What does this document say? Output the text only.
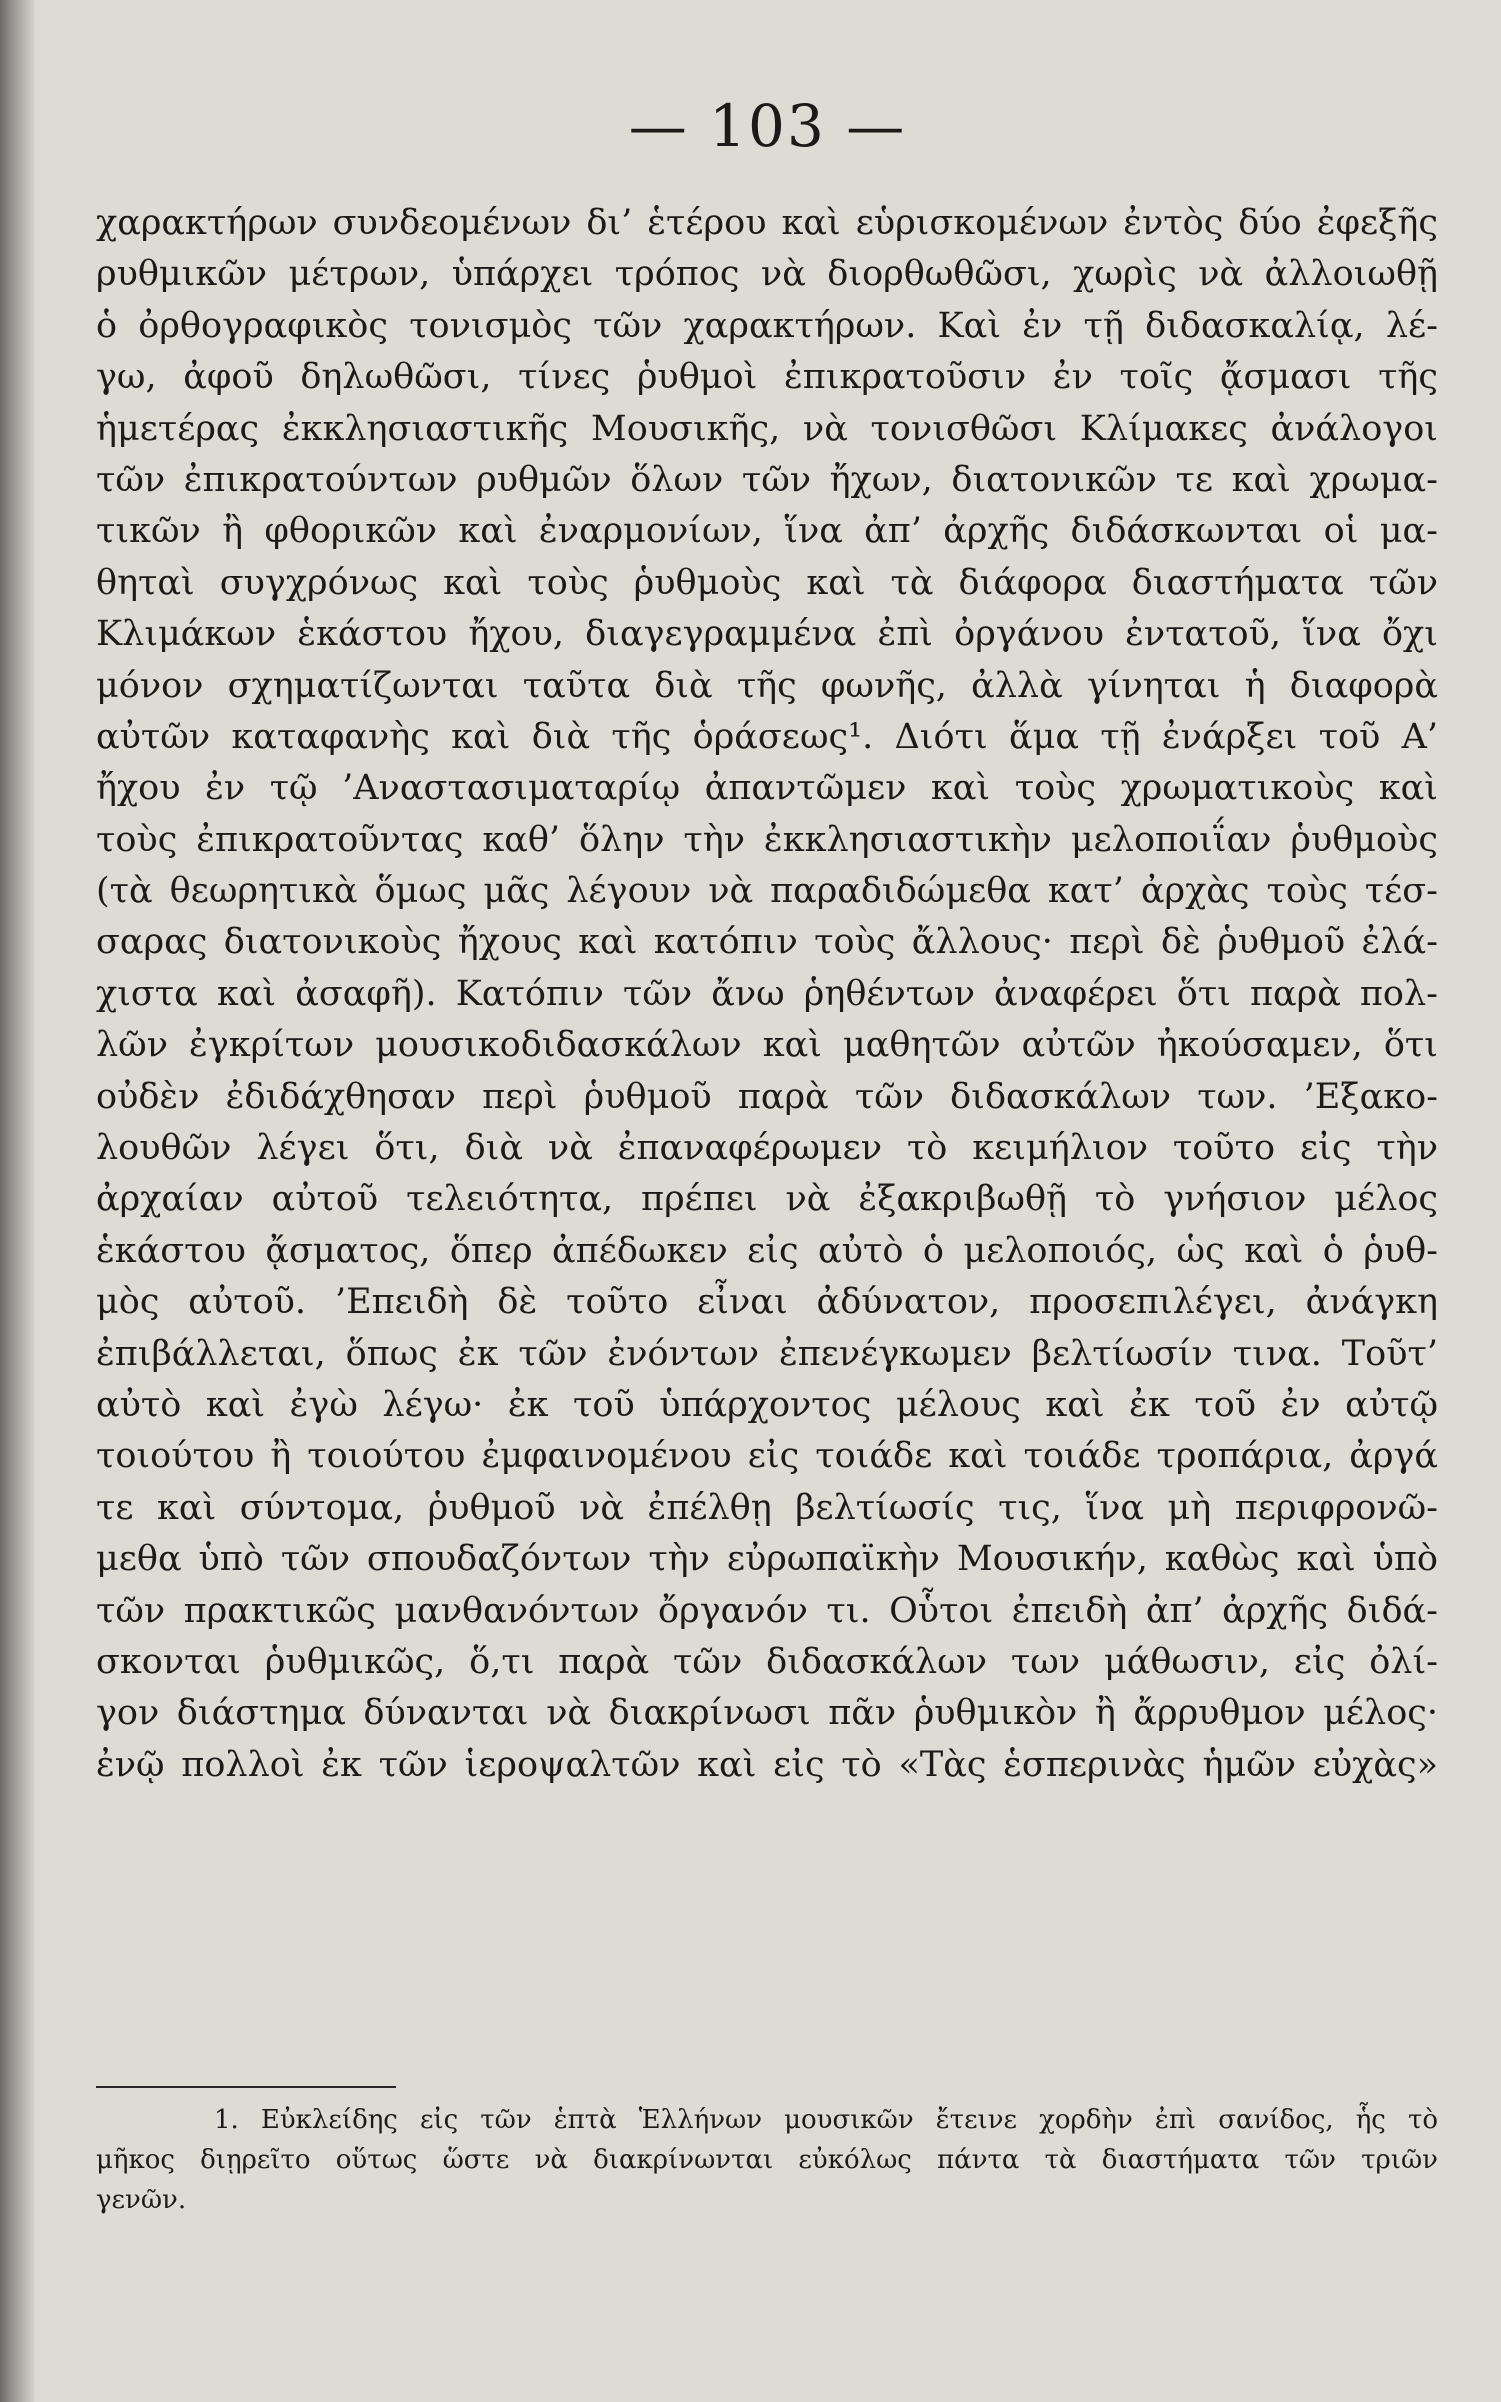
— 103 —
χαρακτήρων συνδεομένων δι’ ἑτέρου καὶ εὑρισκομένων ἐντὸς δύο ἐφεξῆς
ρυθμικῶν μέτρων, ὑπάρχει τρόπος νὰ διορθωθῶσι, χωρὶς νὰ ἀλλοιωθῇ
ὁ ὀρθογραφικὸς τονισμὸς τῶν χαρακτήρων. Καὶ ἐν τῇ διδασκαλίᾳ, λέ-
γω, ἀφοῦ δηλωθῶσι, τίνες ῥυθμοὶ ἐπικρατοῦσιν ἐν τοῖς ᾄσμασι τῆς
ἡμετέρας ἐκκλησιαστικῆς Μουσικῆς, νὰ τονισθῶσι Κλίμακες ἀνάλογοι
τῶν ἐπικρατούντων ρυθμῶν ὅλων τῶν ἤχων, διατονικῶν τε καὶ χρωμα-
τικῶν ἢ φθορικῶν καὶ ἐναρμονίων, ἵνα ἀπ’ ἀρχῆς διδάσκωνται οἱ μα-
θηταὶ συγχρόνως καὶ τοὺς ῥυθμοὺς καὶ τὰ διάφορα διαστήματα τῶν
Κλιμάκων ἑκάστου ἤχου, διαγεγραμμένα ἐπὶ ὀργάνου ἐντατοῦ, ἵνα ὄχι
μόνον σχηματίζωνται ταῦτα διὰ τῆς φωνῆς, ἀλλὰ γίνηται ἡ διαφορὰ
αὐτῶν καταφανὴς καὶ διὰ τῆς ὁράσεως¹. Διότι ἅμα τῇ ἐνάρξει τοῦ Α’
ἤχου ἐν τῷ ’Αναστασιματαρίῳ ἀπαντῶμεν καὶ τοὺς χρωματικοὺς καὶ
τοὺς ἐπικρατοῦντας καθ’ ὅλην τὴν ἐκκλησιαστικὴν μελοποιΐαν ῥυθμοὺς
(τὰ θεωρητικὰ ὅμως μᾶς λέγουν νὰ παραδιδώμεθα κατ’ ἀρχὰς τοὺς τέσ-
σαρας διατονικοὺς ἤχους καὶ κατόπιν τοὺς ἄλλους· περὶ δὲ ῥυθμοῦ ἐλά-
χιστα καὶ ἀσαφῆ). Κατόπιν τῶν ἄνω ῥηθέντων ἀναφέρει ὅτι παρὰ πολ-
λῶν ἐγκρίτων μουσικοδιδασκάλων καὶ μαθητῶν αὐτῶν ἠκούσαμεν, ὅτι
οὐδὲν ἐδιδάχθησαν περὶ ῥυθμοῦ παρὰ τῶν διδασκάλων των. ’Εξακο-
λουθῶν λέγει ὅτι, διὰ νὰ ἐπαναφέρωμεν τὸ κειμήλιον τοῦτο εἰς τὴν
ἀρχαίαν αὐτοῦ τελειότητα, πρέπει νὰ ἐξακριβωθῇ τὸ γνήσιον μέλος
ἑκάστου ᾄσματος, ὅπερ ἀπέδωκεν εἰς αὐτὸ ὁ μελοποιός, ὡς καὶ ὁ ῥυθ-
μὸς αὐτοῦ. ’Επειδὴ δὲ τοῦτο εἶναι ἀδύνατον, προσεπιλέγει, ἀνάγκη
ἐπιβάλλεται, ὅπως ἐκ τῶν ἐνόντων ἐπενέγκωμεν βελτίωσίν τινα. Τοῦτ’
αὐτὸ καὶ ἐγὼ λέγω· ἐκ τοῦ ὑπάρχοντος μέλους καὶ ἐκ τοῦ ἐν αὐτῷ
τοιούτου ἢ τοιούτου ἐμφαινομένου εἰς τοιάδε καὶ τοιάδε τροπάρια, ἀργά
τε καὶ σύντομα, ῥυθμοῦ νὰ ἐπέλθῃ βελτίωσίς τις, ἵνα μὴ περιφρονῶ-
μεθα ὑπὸ τῶν σπουδαζόντων τὴν εὐρωπαϊκὴν Μουσικήν, καθὼς καὶ ὑπὸ
τῶν πρακτικῶς μανθανόντων ὄργανόν τι. Οὗτοι ἐπειδὴ ἀπ’ ἀρχῆς διδά-
σκονται ῥυθμικῶς, ὅ,τι παρὰ τῶν διδασκάλων των μάθωσιν, εἰς ὀλί-
γον διάστημα δύνανται νὰ διακρίνωσι πᾶν ῥυθμικὸν ἢ ἄρρυθμον μέλος·
ἐνῷ πολλοὶ ἐκ τῶν ἱεροψαλτῶν καὶ εἰς τὸ «Τὰς ἑσπερινὰς ἡμῶν εὐχὰς»
1. Εὐκλείδης εἰς τῶν ἑπτὰ Ἑλλήνων μουσικῶν ἔτεινε χορδὴν ἐπὶ σανίδος, ἧς τὸ
μῆκος διῃρεῖτο οὕτως ὥστε νὰ διακρίνωνται εὐκόλως πάντα τὰ διαστήματα τῶν τριῶν
γενῶν.
